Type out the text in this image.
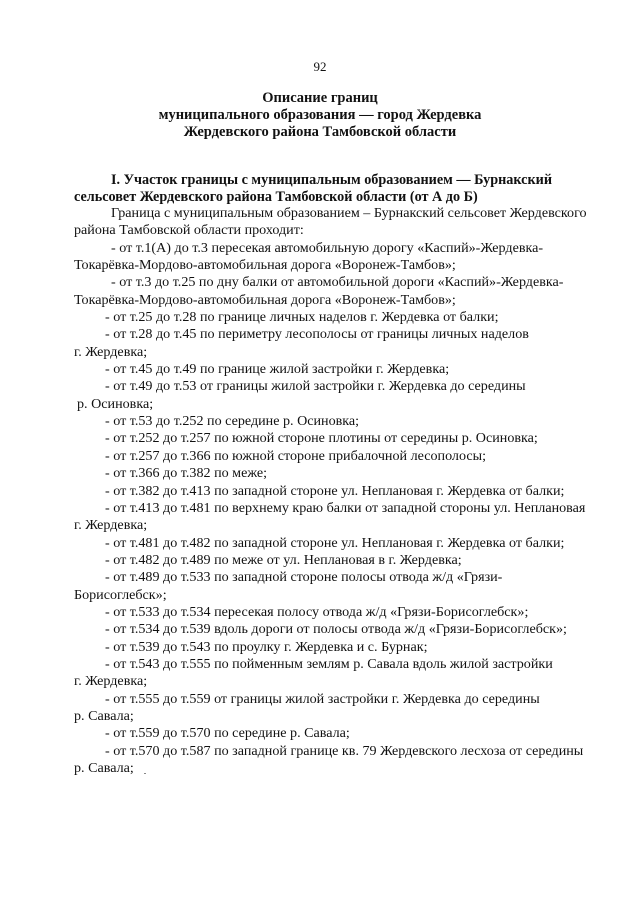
92
Описание границ
муниципального образования — город Жердевка
Жердевского района Тамбовской области
I. Участок границы с муниципальным образованием — Бурнакский
сельсовет Жердевского района Тамбовской области (от А до Б)
Граница с муниципальным образованием – Бурнакский сельсовет Жердевского
района Тамбовской области проходит:
- от т.1(А) до т.3 пересекая автомобильную дорогу «Каспий»-Жердевка-
Токарёвка-Мордово-автомобильная дорога «Воронеж-Тамбов»;
- от т.3 до т.25 по дну балки от автомобильной дороги «Каспий»-Жердевка-
Токарёвка-Мордово-автомобильная дорога «Воронеж-Тамбов»;
- от т.25 до т.28 по границе личных наделов г. Жердевка от балки;
- от т.28 до т.45 по периметру лесополосы от границы личных наделов
г. Жердевка;
- от т.45 до т.49 по границе жилой застройки г. Жердевка;
- от т.49 до т.53 от границы жилой застройки г. Жердевка до середины
р. Осиновка;
- от т.53 до т.252 по середине р. Осиновка;
- от т.252 до т.257 по южной стороне плотины от середины р. Осиновка;
- от т.257 до т.366 по южной стороне прибалочной лесополосы;
- от т.366 до т.382 по меже;
- от т.382 до т.413 по западной стороне ул. Неплановая г. Жердевка от балки;
- от т.413 до т.481 по верхнему краю балки от западной стороны ул. Неплановая
г. Жердевка;
- от т.481 до т.482 по западной стороне ул. Неплановая г. Жердевка от балки;
- от т.482 до т.489 по меже от ул. Неплановая в г. Жердевка;
- от т.489 до т.533 по западной стороне полосы отвода ж/д «Грязи-
Борисоглебск»;
- от т.533 до т.534 пересекая полосу отвода ж/д «Грязи-Борисоглебск»;
- от т.534 до т.539 вдоль дороги от полосы отвода ж/д «Грязи-Борисоглебск»;
- от т.539 до т.543 по проулку г. Жердевка и с. Бурнак;
- от т.543 до т.555 по пойменным землям р. Савала вдоль жилой застройки
г. Жердевка;
- от т.555 до т.559 от границы жилой застройки г. Жердевка до середины
р. Савала;
- от т.559 до т.570 по середине р. Савала;
- от т.570 до т.587 по западной границе кв. 79 Жердевского лесхоза от середины
р. Савала;
